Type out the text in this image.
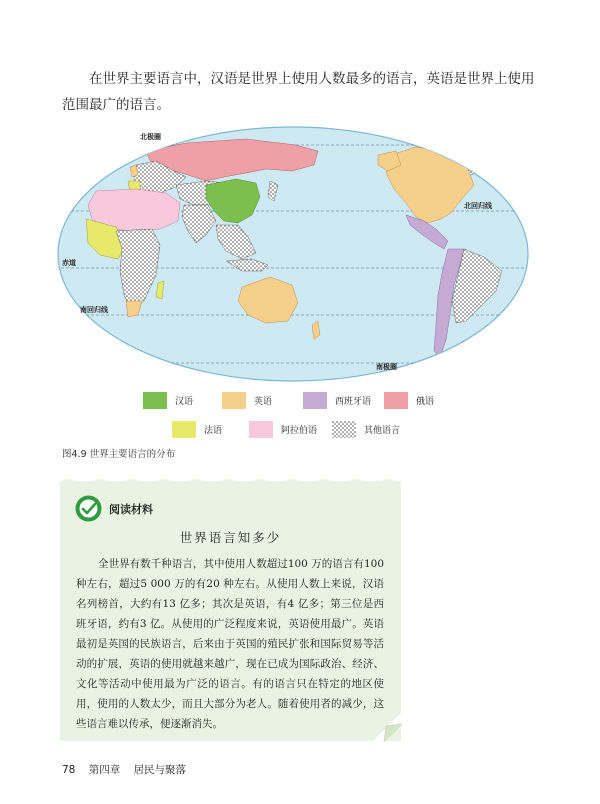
在世界主要语言中，汉语是世界上使用人数最多的语言，英语是世界上使用范围最广的语言。
北极圈
北回归线
赤道
南回归线
南极圈
汉语	英语	西班牙语	俄语
法语	阿拉伯语	其他语言
图4.9 世界主要语言的分布
阅读材料
世界语言知多少
全世界有数千种语言，其中使用人数超过100 万的语言有100 种左右，超过5 000 万的有20 种左右。从使用人数上来说，汉语名列榜首，大约有13 亿多；其次是英语，有4 亿多；第三位是西班牙语，约有3 亿。从使用的广泛程度来说，英语使用最广。英语最初是英国的民族语言，后来由于英国的殖民扩张和国际贸易等活动的扩展，英语的使用就越来越广，现在已成为国际政治、经济、文化等活动中使用最为广泛的语言。有的语言只在特定的地区使用，使用的人数太少，而且大部分为老人。随着使用者的减少，这些语言难以传承，便逐渐消失。
78 第四章 居民与聚落
